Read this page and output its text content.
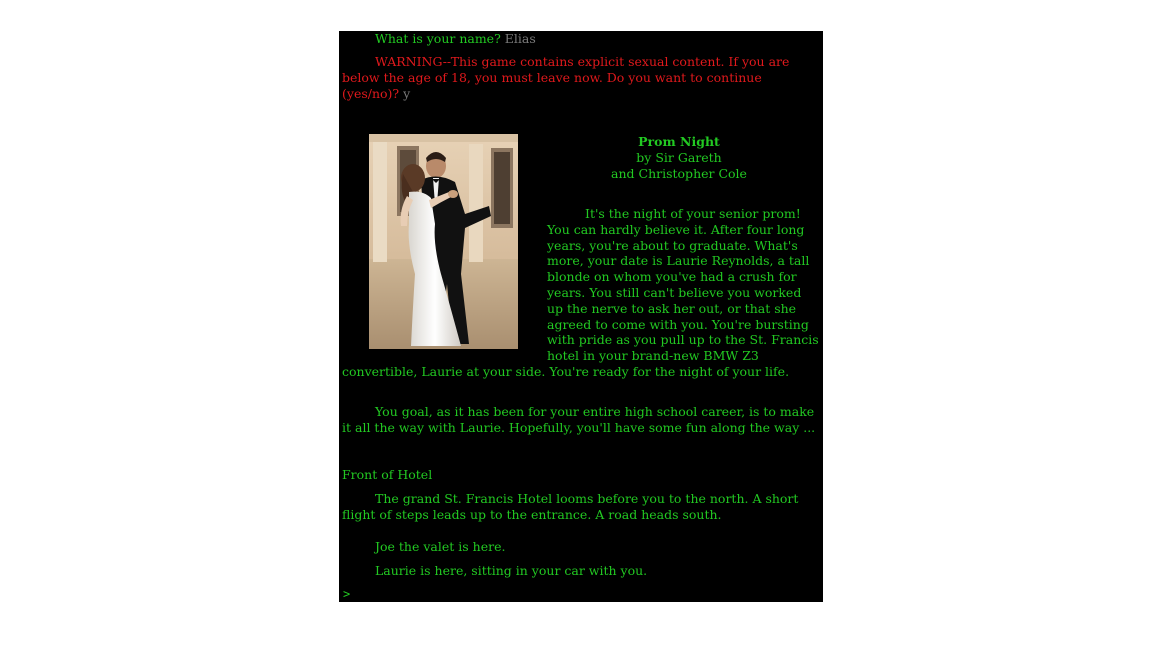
What is your name? Elias
WARNING--This game contains explicit sexual content. If you are below the age of 18, you must leave now. Do you want to continue (yes/no)? y
Prom Night
by Sir Gareth
and Christopher Cole

It's the night of your senior prom! You can hardly believe it. After four long years, you're about to graduate. What's more, your date is Laurie Reynolds, a tall blonde on whom you've had a crush for years. You still can't believe you worked up the nerve to ask her out, or that she agreed to come with you. You're bursting with pride as you pull up to the St. Francis hotel in your brand-new BMW Z3 convertible, Laurie at your side. You're ready for the night of your life.

You goal, as it has been for your entire high school career, is to make it all the way with Laurie. Hopefully, you'll have some fun along the way ...
Front of Hotel
The grand St. Francis Hotel looms before you to the north. A short flight of steps leads up to the entrance. A road heads south.
Joe the valet is here.
Laurie is here, sitting in your car with you.
>
